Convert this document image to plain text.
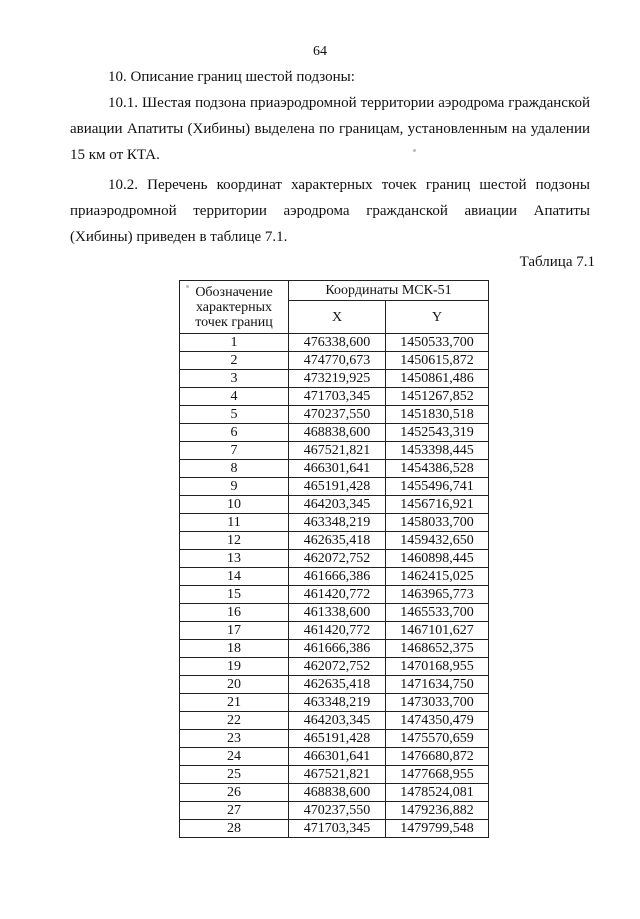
64

10. Описание границ шестой подзоны:

10.1. Шестая подзона приаэродромной территории аэродрома гражданской
авиации Апатиты (Хибины) выделена по границам, установленным на удалении
15 км от КТА.

10.2. Перечень координат характерных точек границ шестой подзоны
приаэродромной территории аэродрома гражданской авиации Апатиты
(Хибины) приведен в таблице 7.1.

Таблица 7.1
Обозначение
характерных
точек границ	Координаты МСК-51	
	X	Y
1	476338,600	1450533,700
2	474770,673	1450615,872
3	473219,925	1450861,486
4	471703,345	1451267,852
5	470237,550	1451830,518
6	468838,600	1452543,319
7	467521,821	1453398,445
8	466301,641	1454386,528
9	465191,428	1455496,741
10	464203,345	1456716,921
11	463348,219	1458033,700
12	462635,418	1459432,650
13	462072,752	1460898,445
14	461666,386	1462415,025
15	461420,772	1463965,773
16	461338,600	1465533,700
17	461420,772	1467101,627
18	461666,386	1468652,375
19	462072,752	1470168,955
20	462635,418	1471634,750
21	463348,219	1473033,700
22	464203,345	1474350,479
23	465191,428	1475570,659
24	466301,641	1476680,872
25	467521,821	1477668,955
26	468838,600	1478524,081
27	470237,550	1479236,882
28	471703,345	1479799,548
